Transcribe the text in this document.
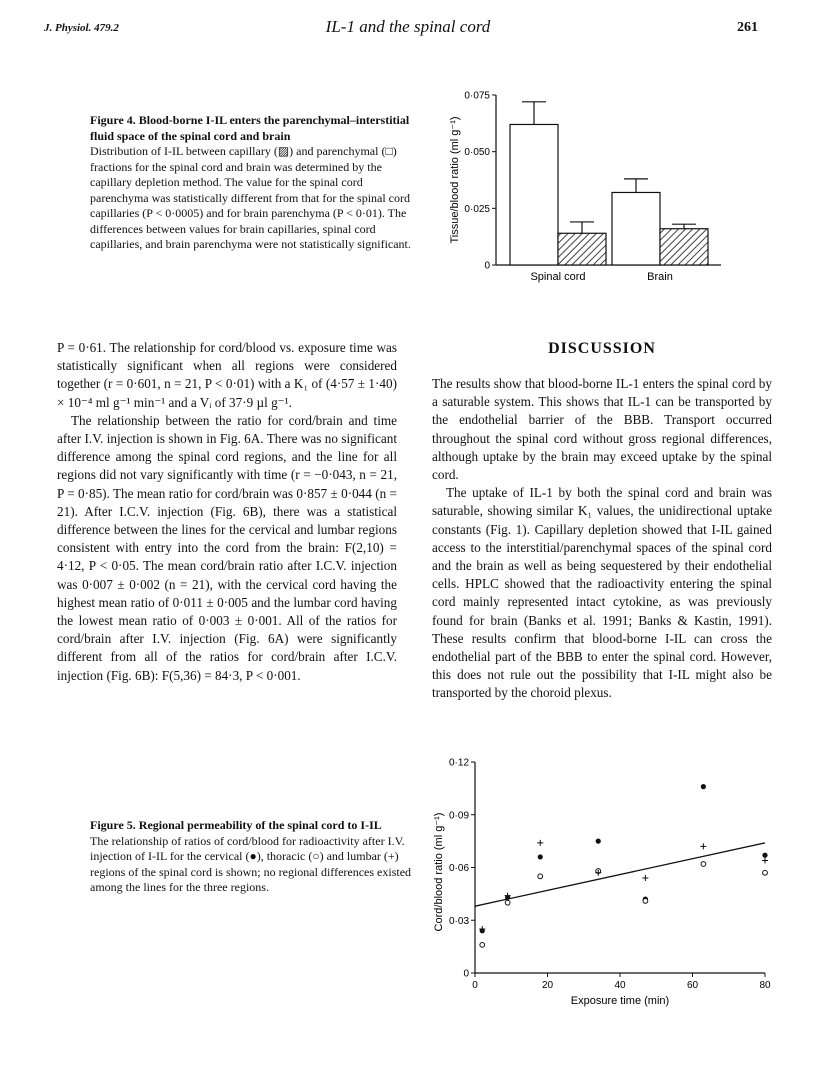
J. Physiol. 479.2	IL-1 and the spinal cord	261
Figure 4. Blood-borne I-IL enters the parenchymal–interstitial fluid space of the spinal cord and brain
Distribution of I-IL between capillary (▨) and parenchymal (□) fractions for the spinal cord and brain was determined by the capillary depletion method. The value for the spinal cord parenchyma was statistically different from that for the spinal cord capillaries (P < 0·0005) and for brain parenchyma (P < 0·01). The differences between values for brain capillaries, spinal cord capillaries, and brain parenchyma were not statistically significant.
0
0·025
0·050
0·075
Spinal cord	Brain
Tissue/blood ratio (ml g⁻¹)

P = 0·61. The relationship for cord/blood vs. exposure time was statistically significant when all regions were considered together (r = 0·601, n = 21, P < 0·01) with a K₁ of (4·57 ± 1·40) × 10⁻⁴ ml g⁻¹ min⁻¹ and a Vᵢ of 37·9 µl g⁻¹.

The relationship between the ratio for cord/brain and time after I.V. injection is shown in Fig. 6A. There was no significant difference among the spinal cord regions, and the line for all regions did not vary significantly with time (r = −0·043, n = 21, P = 0·85). The mean ratio for cord/brain was 0·857 ± 0·044 (n = 21). After I.C.V. injection (Fig. 6B), there was a statistical difference between the lines for the cervical and lumbar regions consistent with entry into the cord from the brain: F(2,10) = 4·12, P < 0·05. The mean cord/brain ratio after I.C.V. injection was 0·007 ± 0·002 (n = 21), with the cervical cord having the highest mean ratio of 0·011 ± 0·005 and the lumbar cord having the lowest mean ratio of 0·003 ± 0·001. All of the ratios for cord/brain after I.V. injection (Fig. 6A) were significantly different from all of the ratios for cord/brain after I.C.V. injection (Fig. 6B): F(5,36) = 84·3, P < 0·001.

DISCUSSION

The results show that blood-borne IL-1 enters the spinal cord by a saturable system. This shows that IL-1 can be transported by the endothelial barrier of the BBB. Transport occurred throughout the spinal cord without gross regional differences, although uptake by the brain may exceed uptake by the spinal cord.

The uptake of IL-1 by both the spinal cord and brain was saturable, showing similar K₁ values, the unidirectional uptake constants (Fig. 1). Capillary depletion showed that I-IL gained access to the interstitial/parenchymal spaces of the spinal cord and the brain as well as being sequestered by their endothelial cells. HPLC showed that the radioactivity entering the spinal cord mainly represented intact cytokine, as was previously found for brain (Banks et al. 1991; Banks & Kastin, 1991). These results confirm that blood-borne I-IL can cross the endothelial part of the BBB to enter the spinal cord. However, this does not rule out the possibility that I-IL might also be transported by the choroid plexus.

Figure 5. Regional permeability of the spinal cord to I-IL
The relationship of ratios of cord/blood for radioactivity after I.V. injection of I-IL for the cervical (●), thoracic (○) and lumbar (+) regions of the spinal cord is shown; no regional differences existed among the lines for the three regions.
0
0·03
0·06
0·09
0·12
0	20	40	60	80
Cord/blood ratio (ml g⁻¹)
Exposure time (min)
